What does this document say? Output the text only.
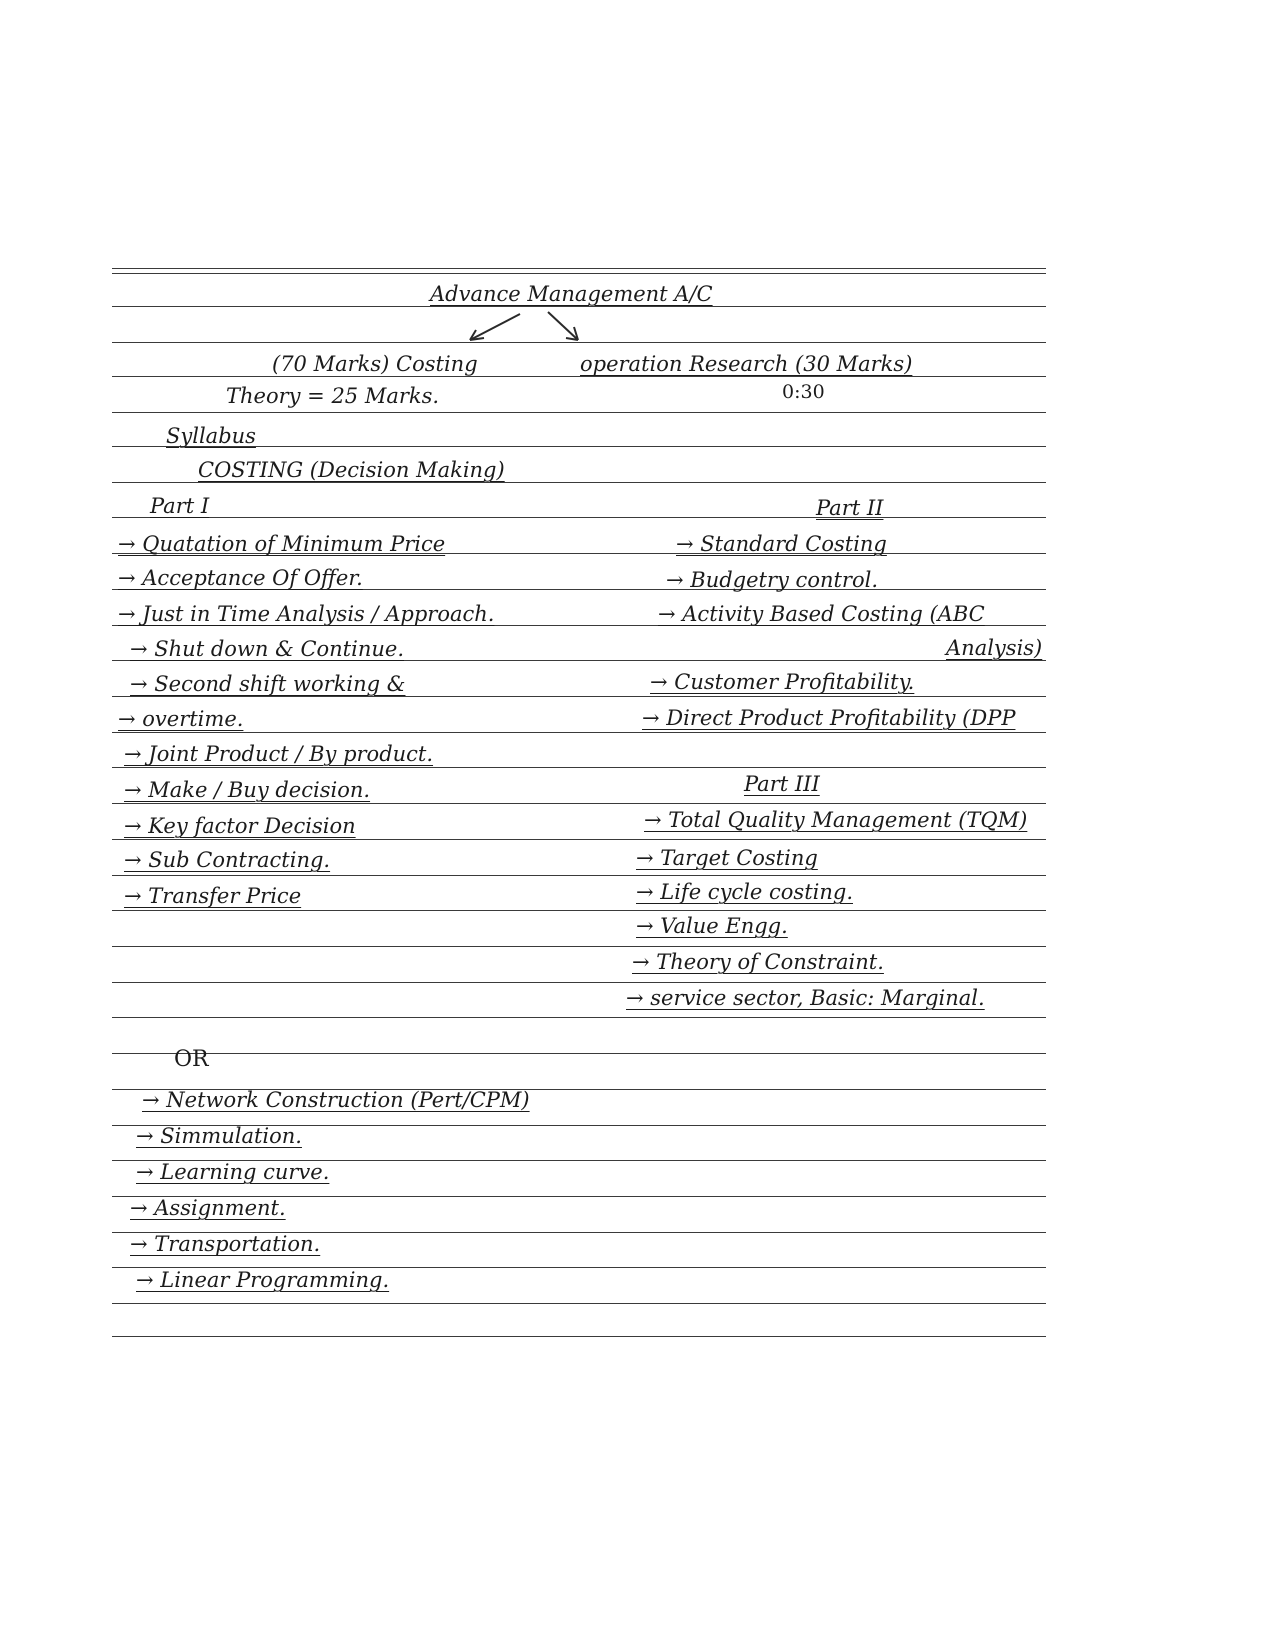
Advance Management A/C
(70 Marks) Costing	operation Research (30 Marks)
Theory = 25 Marks.	0:30
Syllabus
COSTING (Decision Making)
Part I
→ Quatation of Minimum Price
→ Acceptance Of Offer.
→ Just in Time Analysis / Approach.
→ Shut down & Continue.
→ Second shift working &
→ overtime.
→ Joint Product / By product.
→ Make / Buy decision.
→ Key factor Decision
→ Sub Contracting.
→ Transfer Price
Part II
→ Standard Costing
→ Budgetry control.
→ Activity Based Costing (ABC
Analysis)
→ Customer Profitability.
→ Direct Product Profitability (DPP
Part III
→ Total Quality Management (TQM)
→ Target Costing
→ Life cycle costing.
→ Value Engg.
→ Theory of Constraint.
→ service sector, Basic: Marginal.
OR
→ Network Construction (Pert/CPM)
→ Simmulation.
→ Learning curve.
→ Assignment.
→ Transportation.
→ Linear Programming.
